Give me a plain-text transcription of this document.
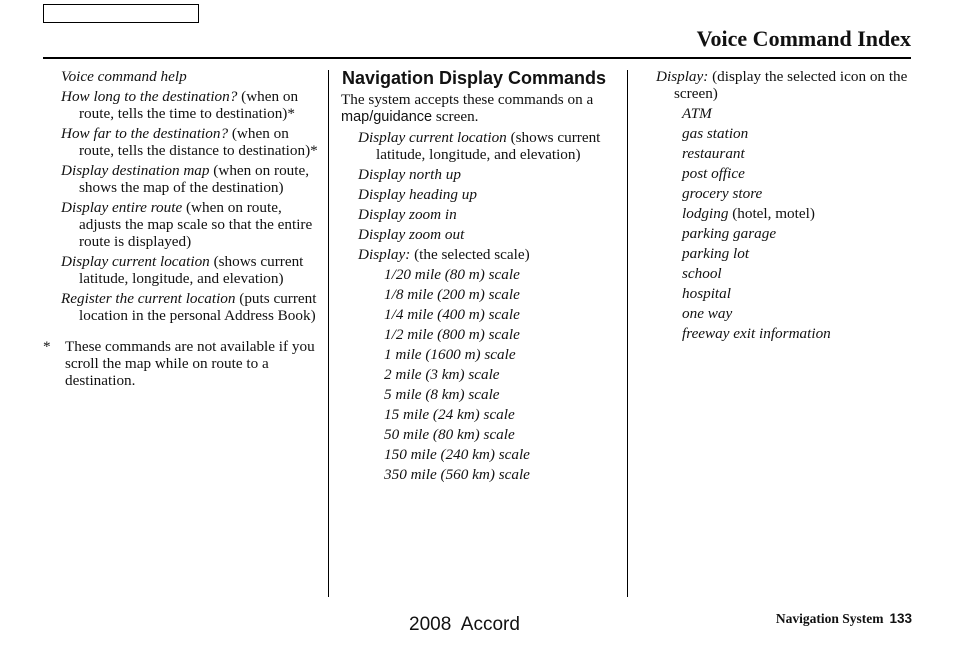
Voice Command Index
Voice command help
How long to the destination? (when on route, tells the time to destination)*
How far to the destination? (when on route, tells the distance to destination)*
Display destination map (when on route, shows the map of the destination)
Display entire route (when on route, adjusts the map scale so that the entire route is displayed)
Display current location (shows current latitude, longitude, and elevation)
Register the current location (puts current location in the personal Address Book)
* These commands are not available if you scroll the map while on route to a destination.
Navigation Display Commands
The system accepts these commands on a map/guidance screen.
Display current location (shows current latitude, longitude, and elevation)
Display north up
Display heading up
Display zoom in
Display zoom out
Display: (the selected scale)
1/20 mile (80 m) scale
1/8 mile (200 m) scale
1/4 mile (400 m) scale
1/2 mile (800 m) scale
1 mile (1600 m) scale
2 mile (3 km) scale
5 mile (8 km) scale
15 mile (24 km) scale
50 mile (80 km) scale
150 mile (240 km) scale
350 mile (560 km) scale
Display: (display the selected icon on the screen)
ATM
gas station
restaurant
post office
grocery store
lodging (hotel, motel)
parking garage
parking lot
school
hospital
one way
freeway exit information
2008  Accord	Navigation System 133
